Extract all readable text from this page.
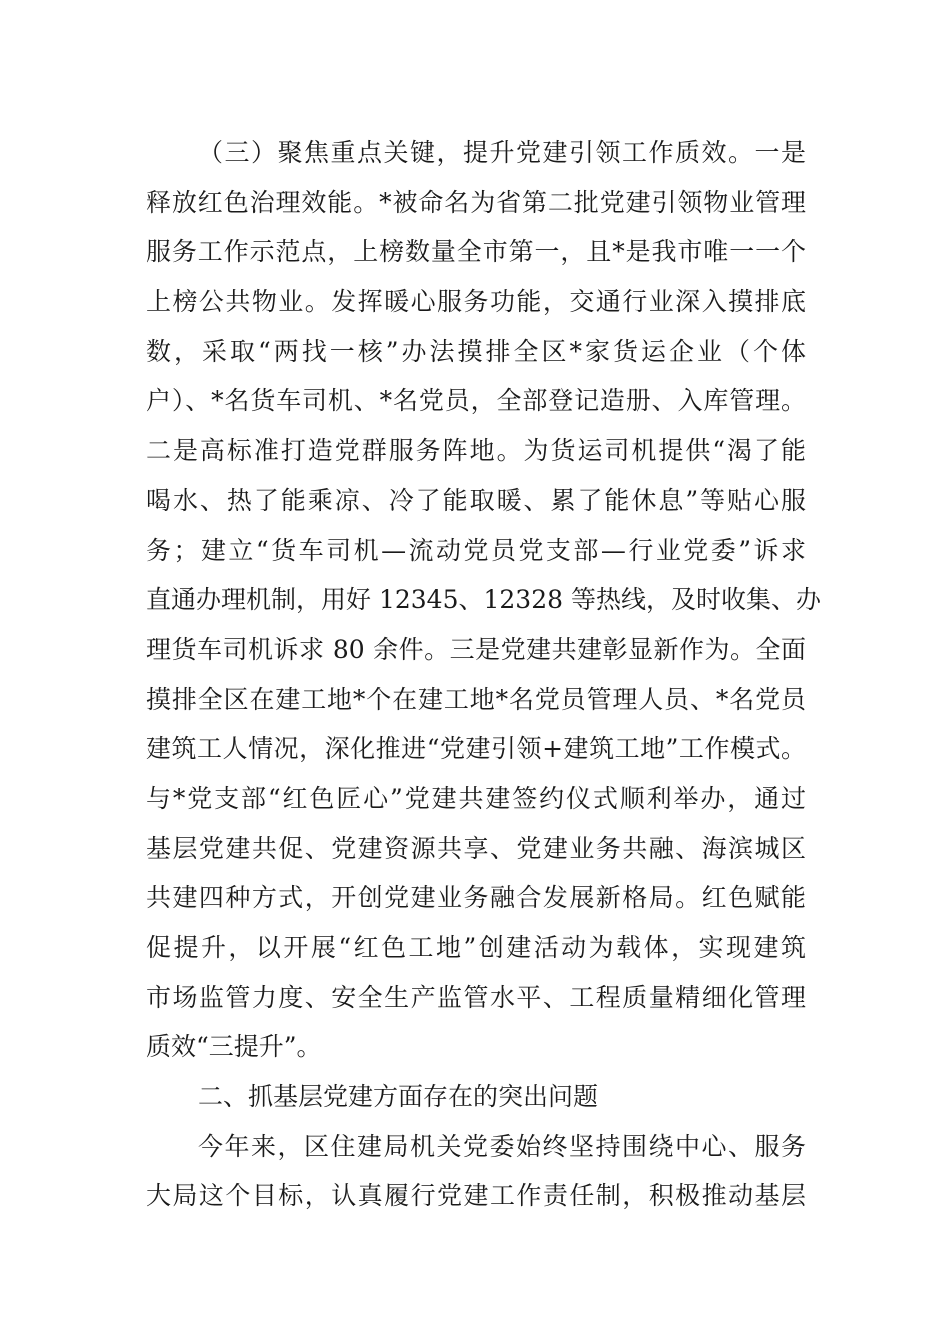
（三）聚焦重点关键，提升党建引领工作质效。一是
释放红色治理效能。*被命名为省第二批党建引领物业管理
服务工作示范点，上榜数量全市第一，且*是我市唯一一个
上榜公共物业。发挥暖心服务功能，交通行业深入摸排底
数，采取“两找一核”办法摸排全区*家货运企业（个体
户）、*名货车司机、*名党员，全部登记造册、入库管理。
二是高标准打造党群服务阵地。为货运司机提供“渴了能
喝水、热了能乘凉、冷了能取暖、累了能休息”等贴心服
务；建立“货车司机—流动党员党支部—行业党委”诉求
直通办理机制，用好 12345、12328 等热线，及时收集、办
理货车司机诉求 80 余件。三是党建共建彰显新作为。全面
摸排全区在建工地*个在建工地*名党员管理人员、*名党员
建筑工人情况，深化推进“党建引领+建筑工地”工作模式。
与*党支部“红色匠心”党建共建签约仪式顺利举办，通过
基层党建共促、党建资源共享、党建业务共融、海滨城区
共建四种方式，开创党建业务融合发展新格局。红色赋能
促提升，以开展“红色工地”创建活动为载体，实现建筑
市场监管力度、安全生产监管水平、工程质量精细化管理
质效“三提升”。
二、抓基层党建方面存在的突出问题
今年来，区住建局机关党委始终坚持围绕中心、服务
大局这个目标，认真履行党建工作责任制，积极推动基层
